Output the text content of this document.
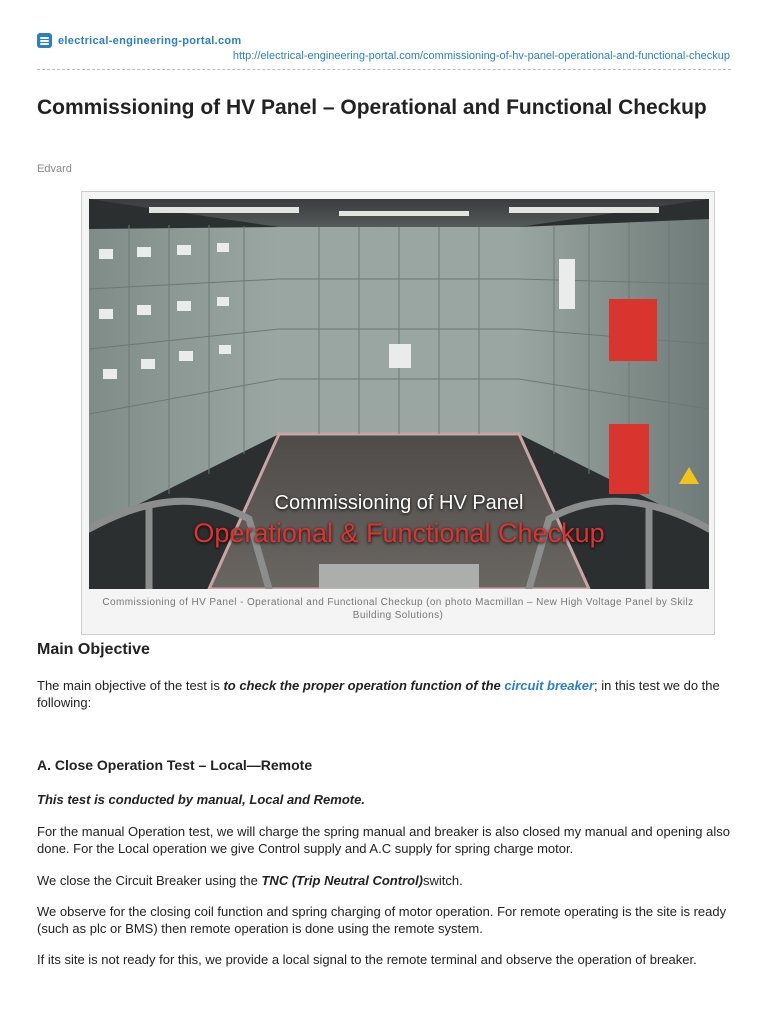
electrical-engineering-portal.com
http://electrical-engineering-portal.com/commissioning-of-hv-panel-operational-and-functional-checkup
Commissioning of HV Panel – Operational and Functional Checkup
Edvard
Commissioning of HV Panel
Operational & Functional Checkup
Commissioning of HV Panel - Operational and Functional Checkup (on photo Macmillan – New High Voltage Panel by Skilz Building Solutions)
Main Objective

The main objective of the test is to check the proper operation function of the circuit breaker; in this test we do the following:

A. Close Operation Test – Local—Remote

This test is conducted by manual, Local and Remote.

For the manual Operation test, we will charge the spring manual and breaker is also closed my manual and opening also done. For the Local operation we give Control supply and A.C supply for spring charge motor.

We close the Circuit Breaker using the TNC (Trip Neutral Control)switch.

We observe for the closing coil function and spring charging of motor operation. For remote operating is the site is ready (such as plc or BMS) then remote operation is done using the remote system.

If its site is not ready for this, we provide a local signal to the remote terminal and observe the operation of breaker.
